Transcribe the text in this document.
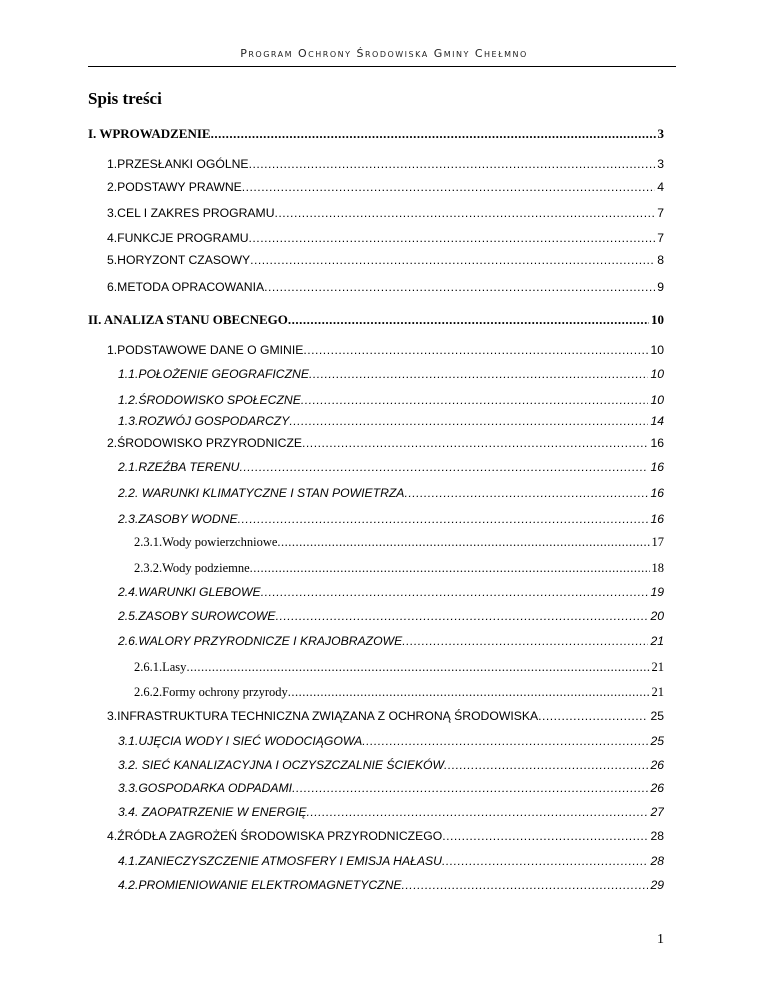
Program Ochrony Środowiska Gminy Chełmno
Spis treści
I. WPROWADZENIE .....	3
1.PRZESŁANKI OGÓLNE .....	3
2.PODSTAWY PRAWNE .....	4
3.CEL I ZAKRES PROGRAMU .....	7
4.FUNKCJE PROGRAMU .....	7
5.HORYZONT CZASOWY .....	8
6.METODA OPRACOWANIA .....	9
II. ANALIZA STANU OBECNEGO .....	10
1.PODSTAWOWE DANE O GMINIE .....	10
1.1.POŁOŻENIE GEOGRAFICZNE .....	10
1.2.ŚRODOWISKO SPOŁECZNE .....	10
1.3.ROZWÓJ GOSPODARCZY .....	14
2.ŚRODOWISKO PRZYRODNICZE .....	16
2.1.RZEŹBA TERENU .....	16
2.2. WARUNKI KLIMATYCZNE I STAN POWIETRZA .....	16
2.3.ZASOBY WODNE .....	16
2.3.1.Wody powierzchniowe .....	17
2.3.2.Wody podziemne .....	18
2.4.WARUNKI GLEBOWE .....	19
2.5.ZASOBY SUROWCOWE .....	20
2.6.WALORY PRZYRODNICZE I KRAJOBRAZOWE .....	21
2.6.1.Lasy .....	21
2.6.2.Formy ochrony przyrody .....	21
3.INFRASTRUKTURA TECHNICZNA ZWIĄZANA Z OCHRONĄ ŚRODOWISKA .....	25
3.1.UJĘCIA WODY I SIEĆ WODOCIĄGOWA .....	25
3.2. SIEĆ KANALIZACYJNA I OCZYSZCZALNIE ŚCIEKÓW .....	26
3.3.GOSPODARKA ODPADAMI .....	26
3.4. ZAOPATRZENIE W ENERGIĘ .....	27
4.ŹRÓDŁA ZAGROŻEŃ ŚRODOWISKA PRZYRODNICZEGO .....	28
4.1.ZANIECZYSZCZENIE ATMOSFERY I EMISJA HAŁASU .....	28
4.2.PROMIENIOWANIE ELEKTROMAGNETYCZNE .....	29
1
